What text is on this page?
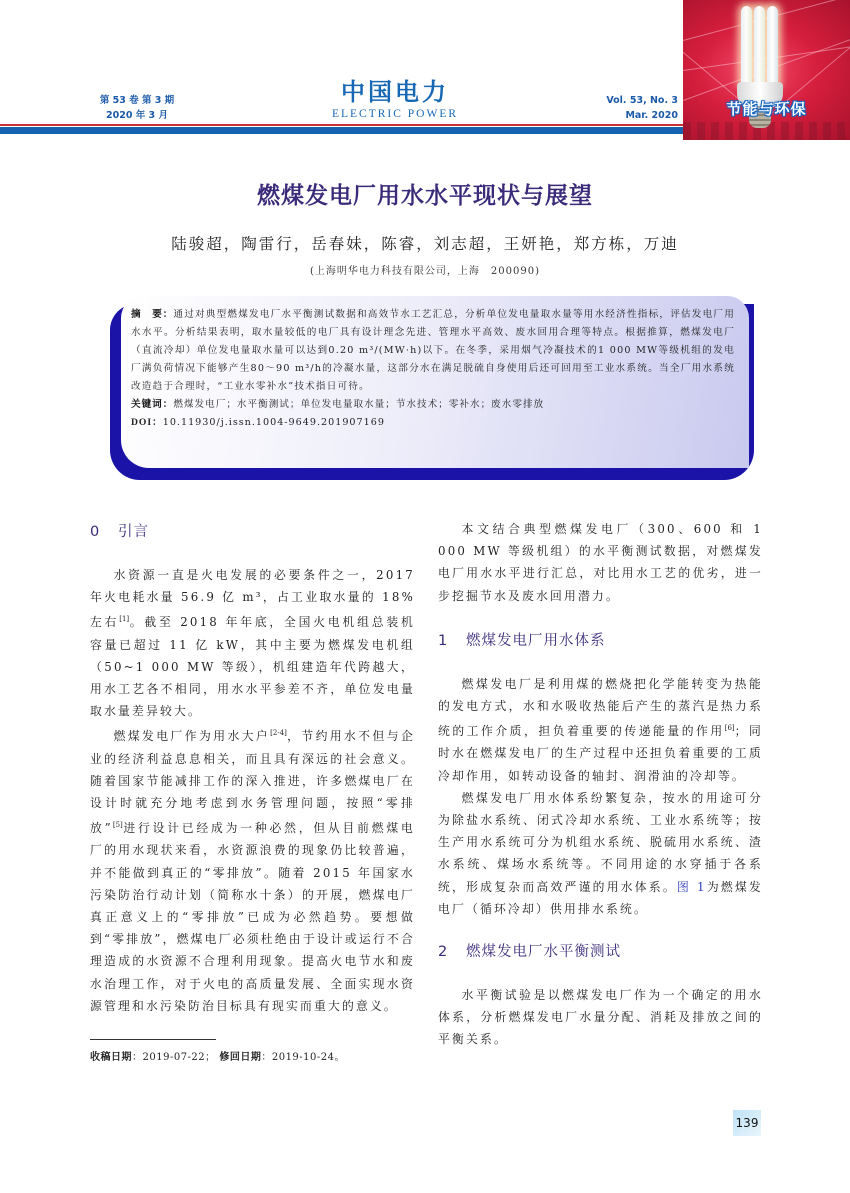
第 53 卷 第 3 期
2020 年 3 月
中国电力
ELECTRIC POWER
Vol. 53, No. 3
Mar. 2020	节能与环保
燃煤发电厂用水水平现状与展望
陆骏超，陶雷行，岳春妹，陈睿，刘志超，王妍艳，郑方栋，万迪
(上海明华电力科技有限公司，上海　200090)

摘　要：通过对典型燃煤发电厂水平衡测试数据和高效节水工艺汇总，分析单位发电量取水量等用水经济性指标，评估发电厂用水水平。分析结果表明，取水量较低的电厂具有设计理念先进、管理水平高效、废水回用合理等特点。根据推算，燃煤发电厂（直流冷却）单位发电量取水量可以达到0.20 m³/(MW·h)以下。在冬季，采用烟气冷凝技术的1 000 MW等级机组的发电厂满负荷情况下能够产生80～90 m³/h的冷凝水量，这部分水在满足脱硫自身使用后还可回用至工业水系统。当全厂用水系统改造趋于合理时，“工业水零补水”技术指日可待。

关键词：燃煤发电厂；水平衡测试；单位发电量取水量；节水技术；零补水；废水零排放

DOI：10.11930/j.issn.1004-9649.201907169

0 引言

水资源一直是火电发展的必要条件之一，2017 年火电耗水量 56.9 亿 m³，占工业取水量的 18% 左右[1]。截至 2018 年年底，全国火电机组总装机容量已超过 11 亿 kW，其中主要为燃煤发电机组（50~1 000 MW 等级），机组建造年代跨越大，用水工艺各不相同，用水水平参差不齐，单位发电量取水量差异较大。

燃煤发电厂作为用水大户[2-4]，节约用水不但与企业的经济利益息息相关，而且具有深远的社会意义。随着国家节能减排工作的深入推进，许多燃煤电厂在设计时就充分地考虑到水务管理问题，按照“零排放”[5]进行设计已经成为一种必然，但从目前燃煤电厂的用水现状来看，水资源浪费的现象仍比较普遍，并不能做到真正的“零排放”。随着 2015 年国家水污染防治行动计划（简称水十条）的开展，燃煤电厂真正意义上的“零排放”已成为必然趋势。要想做到“零排放”，燃煤电厂必须杜绝由于设计或运行不合理造成的水资源不合理利用现象。提高火电节水和废水治理工作，对于火电的高质量发展、全面实现水资源管理和水污染防治目标具有现实而重大的意义。

收稿日期：2019-07-22； 修回日期：2019-10-24。

本文结合典型燃煤发电厂（300、600 和 1 000 MW 等级机组）的水平衡测试数据，对燃煤发电厂用水水平进行汇总，对比用水工艺的优劣，进一步挖掘节水及废水回用潜力。

1 燃煤发电厂用水体系

燃煤发电厂是利用煤的燃烧把化学能转变为热能的发电方式，水和水吸收热能后产生的蒸汽是热力系统的工作介质，担负着重要的传递能量的作用[6]；同时水在燃煤发电厂的生产过程中还担负着重要的工质冷却作用，如转动设备的轴封、润滑油的冷却等。

燃煤发电厂用水体系纷繁复杂，按水的用途可分为除盐水系统、闭式冷却水系统、工业水系统等；按生产用水系统可分为机组水系统、脱硫用水系统、渣水系统、煤场水系统等。不同用途的水穿插于各系统，形成复杂而高效严谨的用水体系。图 1为燃煤发电厂（循环冷却）供用排水系统。

2 燃煤发电厂水平衡测试

水平衡试验是以燃煤发电厂作为一个确定的用水体系，分析燃煤发电厂水量分配、消耗及排放之间的平衡关系。

139
